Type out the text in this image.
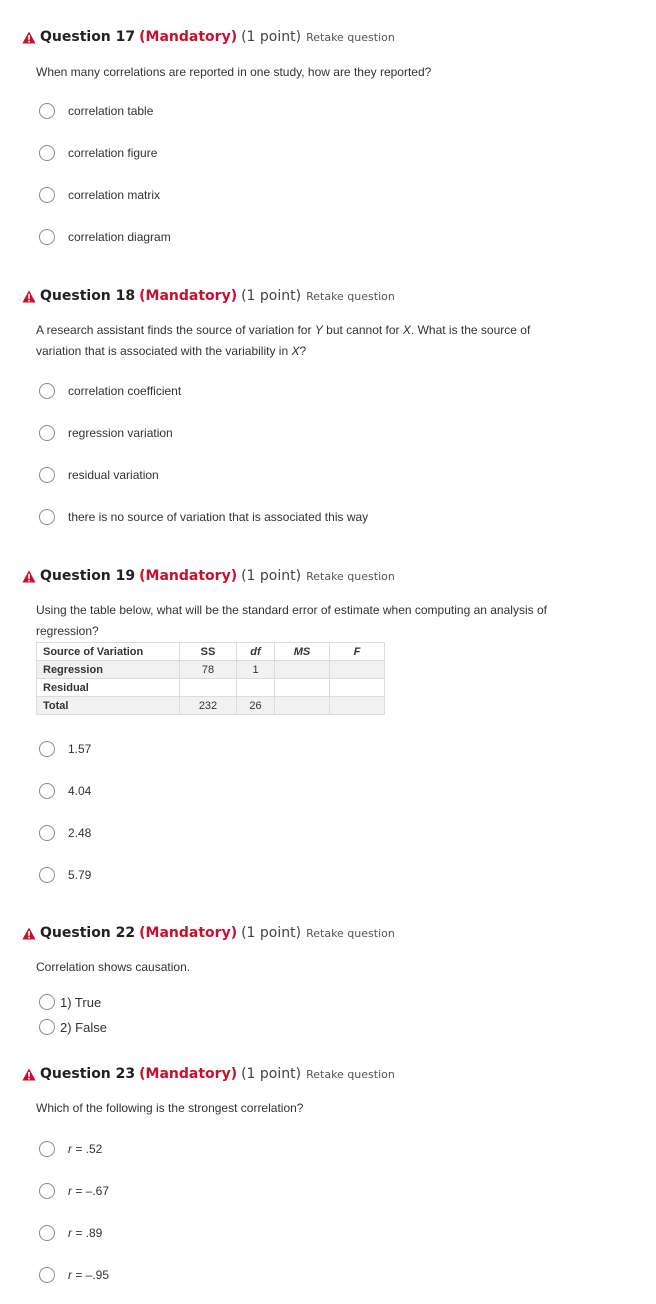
Question 17 (Mandatory) (1 point) Retake question
When many correlations are reported in one study, how are they reported?
correlation table
correlation figure
correlation matrix
correlation diagram
Question 18 (Mandatory) (1 point) Retake question
A research assistant finds the source of variation for Y but cannot for X. What is the source of
variation that is associated with the variability in X?
correlation coefficient
regression variation
residual variation
there is no source of variation that is associated this way
Question 19 (Mandatory) (1 point) Retake question
Using the table below, what will be the standard error of estimate when computing an analysis of
regression?
Source of Variation	SS	df	MS	F
Regression	78	1		
Residual				
Total	232	26		
1.57
4.04
2.48
5.79
Question 22 (Mandatory) (1 point) Retake question
Correlation shows causation.
1) True
2) False
Question 23 (Mandatory) (1 point) Retake question
Which of the following is the strongest correlation?
r = .52
r = –.67
r = .89
r = –.95
